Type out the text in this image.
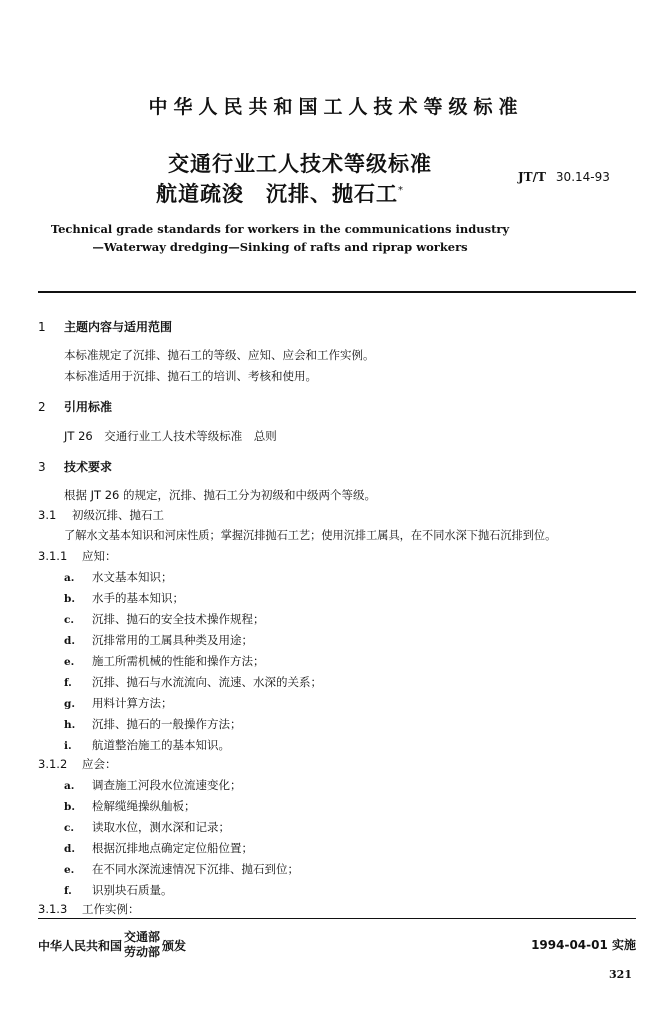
中华人民共和国工人技术等级标准
交通行业工人技术等级标准
航道疏浚　沉排、抛石工*
JT/T 30.14-93
Technical grade standards for workers in the communications industry
—Waterway dredging—Sinking of rafts and riprap workers
1 主题内容与适用范围
本标准规定了沉排、抛石工的等级、应知、应会和工作实例。
本标准适用于沉排、抛石工的培训、考核和使用。
2 引用标准
JT 26　交通行业工人技术等级标准　总则
3 技术要求
根据 JT 26 的规定，沉排、抛石工分为初级和中级两个等级。
3.1 初级沉排、抛石工
了解水文基本知识和河床性质；掌握沉排抛石工艺；使用沉排工属具，在不同水深下抛石沉排到位。
3.1.1 应知：
a. 水文基本知识；
b. 水手的基本知识；
c. 沉排、抛石的安全技术操作规程；
d. 沉排常用的工属具种类及用途；
e. 施工所需机械的性能和操作方法；
f. 沉排、抛石与水流流向、流速、水深的关系；
g. 用料计算方法；
h. 沉排、抛石的一般操作方法；
i. 航道整治施工的基本知识。
3.1.2 应会：
a. 调查施工河段水位流速变化；
b. 检解缆绳操纵舢板；
c. 读取水位，测水深和记录；
d. 根据沉排地点确定定位船位置；
e. 在不同水深流速情况下沉排、抛石到位；
f. 识别块石质量。
3.1.3 工作实例：
中华人民共和国
交通部
劳动部 颁发	1994-04-01 实施
321
